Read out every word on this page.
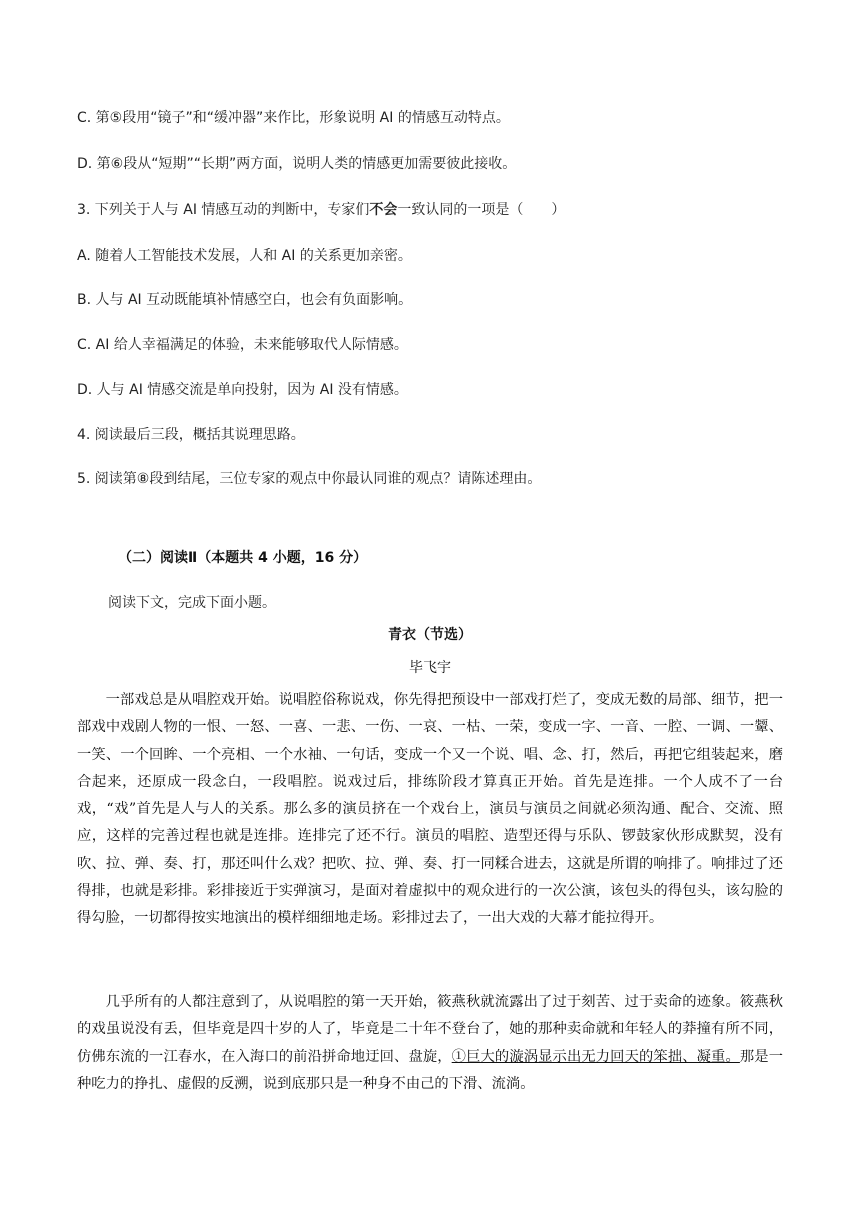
C. 第⑤段用“镜子”和“缓冲器”来作比，形象说明 AI 的情感互动特点。
D. 第⑥段从“短期”“长期”两方面，说明人类的情感更加需要彼此接收。
3. 下列关于人与 AI 情感互动的判断中，专家们不会一致认同的一项是（　　）
A. 随着人工智能技术发展，人和 AI 的关系更加亲密。
B. 人与 AI 互动既能填补情感空白，也会有负面影响。
C. AI 给人幸福满足的体验，未来能够取代人际情感。
D. 人与 AI 情感交流是单向投射，因为 AI 没有情感。
4. 阅读最后三段，概括其说理思路。
5. 阅读第⑧段到结尾，三位专家的观点中你最认同谁的观点？请陈述理由。
（二）阅读Ⅱ（本题共 4 小题，16 分）
阅读下文，完成下面小题。
青衣（节选）
毕飞宇

一部戏总是从唱腔戏开始。说唱腔俗称说戏，你先得把预设中一部戏打烂了，变成无数的局部、细节，把一部戏中戏剧人物的一恨、一怒、一喜、一悲、一伤、一哀、一枯、一荣，变成一字、一音、一腔、一调、一颦、一笑、一个回眸、一个亮相、一个水袖、一句话，变成一个又一个说、唱、念、打，然后，再把它组装起来，磨合起来，还原成一段念白，一段唱腔。说戏过后，排练阶段才算真正开始。首先是连排。一个人成不了一台戏，“戏”首先是人与人的关系。那么多的演员挤在一个戏台上，演员与演员之间就必须沟通、配合、交流、照应，这样的完善过程也就是连排。连排完了还不行。演员的唱腔、造型还得与乐队、锣鼓家伙形成默契，没有吹、拉、弹、奏、打，那还叫什么戏？把吹、拉、弹、奏、打一同糅合进去，这就是所谓的响排了。响排过了还得排，也就是彩排。彩排接近于实弹演习，是面对着虚拟中的观众进行的一次公演，该包头的得包头，该勾脸的得勾脸，一切都得按实地演出的模样细细地走场。彩排过去了，一出大戏的大幕才能拉得开。

几乎所有的人都注意到了，从说唱腔的第一天开始，筱燕秋就流露出了过于刻苦、过于卖命的迹象。筱燕秋的戏虽说没有丢，但毕竟是四十岁的人了，毕竟是二十年不登台了，她的那种卖命就和年轻人的莽撞有所不同，仿佛东流的一江春水，在入海口的前沿拼命地迂回、盘旋，①巨大的漩涡显示出无力回天的笨拙、凝重。那是一种吃力的挣扎、虚假的反溯，说到底那只是一种身不由己的下滑、流淌。
